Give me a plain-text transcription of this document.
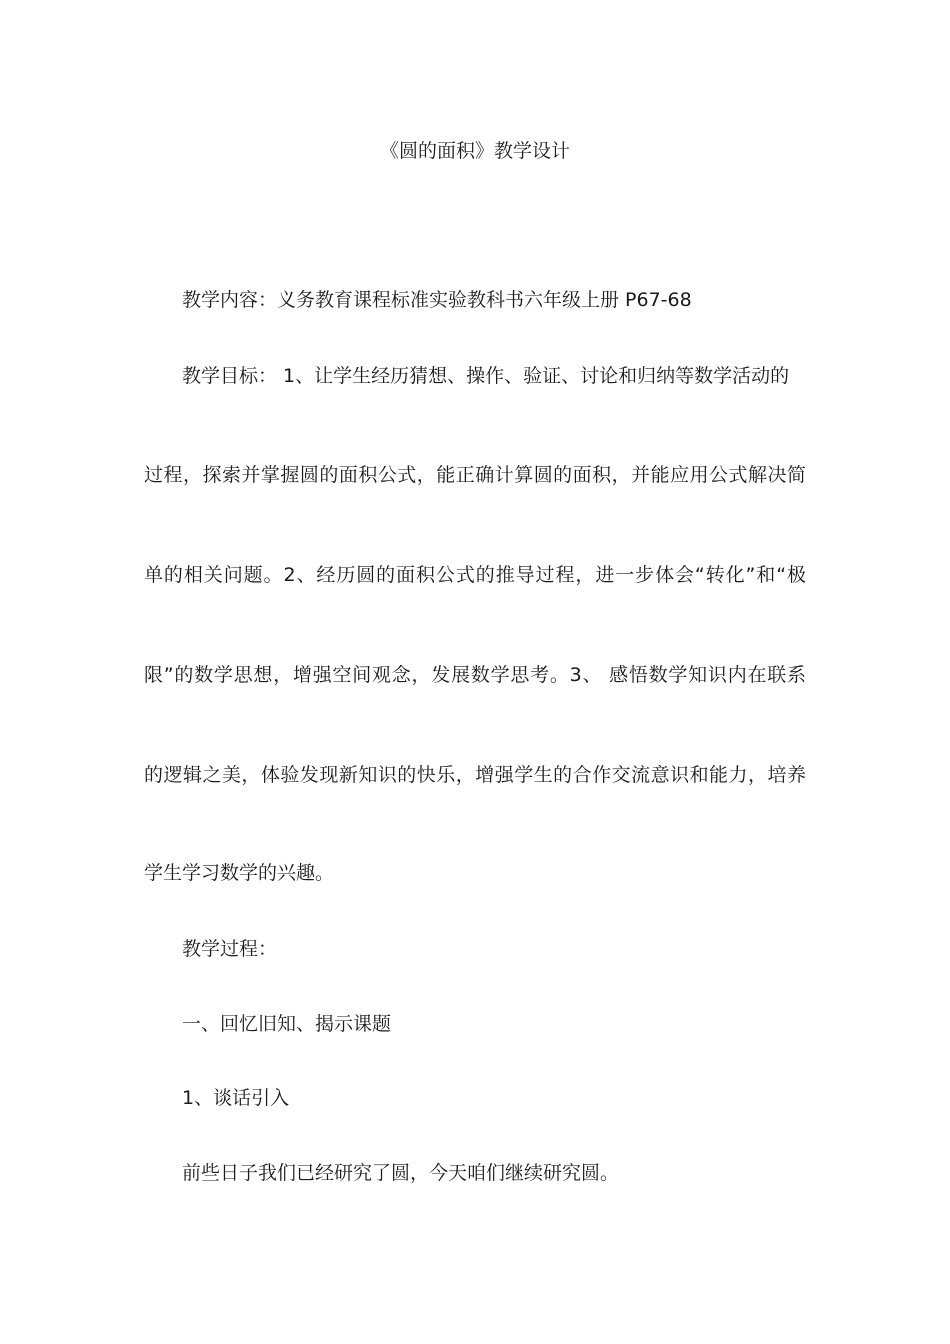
《圆的面积》教学设计
教学内容：义务教育课程标准实验教科书六年级上册 P67-68
教学目标： 1、让学生经历猜想、操作、验证、讨论和归纳等数学活动的
过程，探索并掌握圆的面积公式，能正确计算圆的面积，并能应用公式解决简
单的相关问题。2、经历圆的面积公式的推导过程，进一步体会“转化”和“极
限”的数学思想，增强空间观念，发展数学思考。3、 感悟数学知识内在联系
的逻辑之美，体验发现新知识的快乐，增强学生的合作交流意识和能力，培养
学生学习数学的兴趣。
教学过程：
一、回忆旧知、揭示课题
1、谈话引入
前些日子我们已经研究了圆，今天咱们继续研究圆。
